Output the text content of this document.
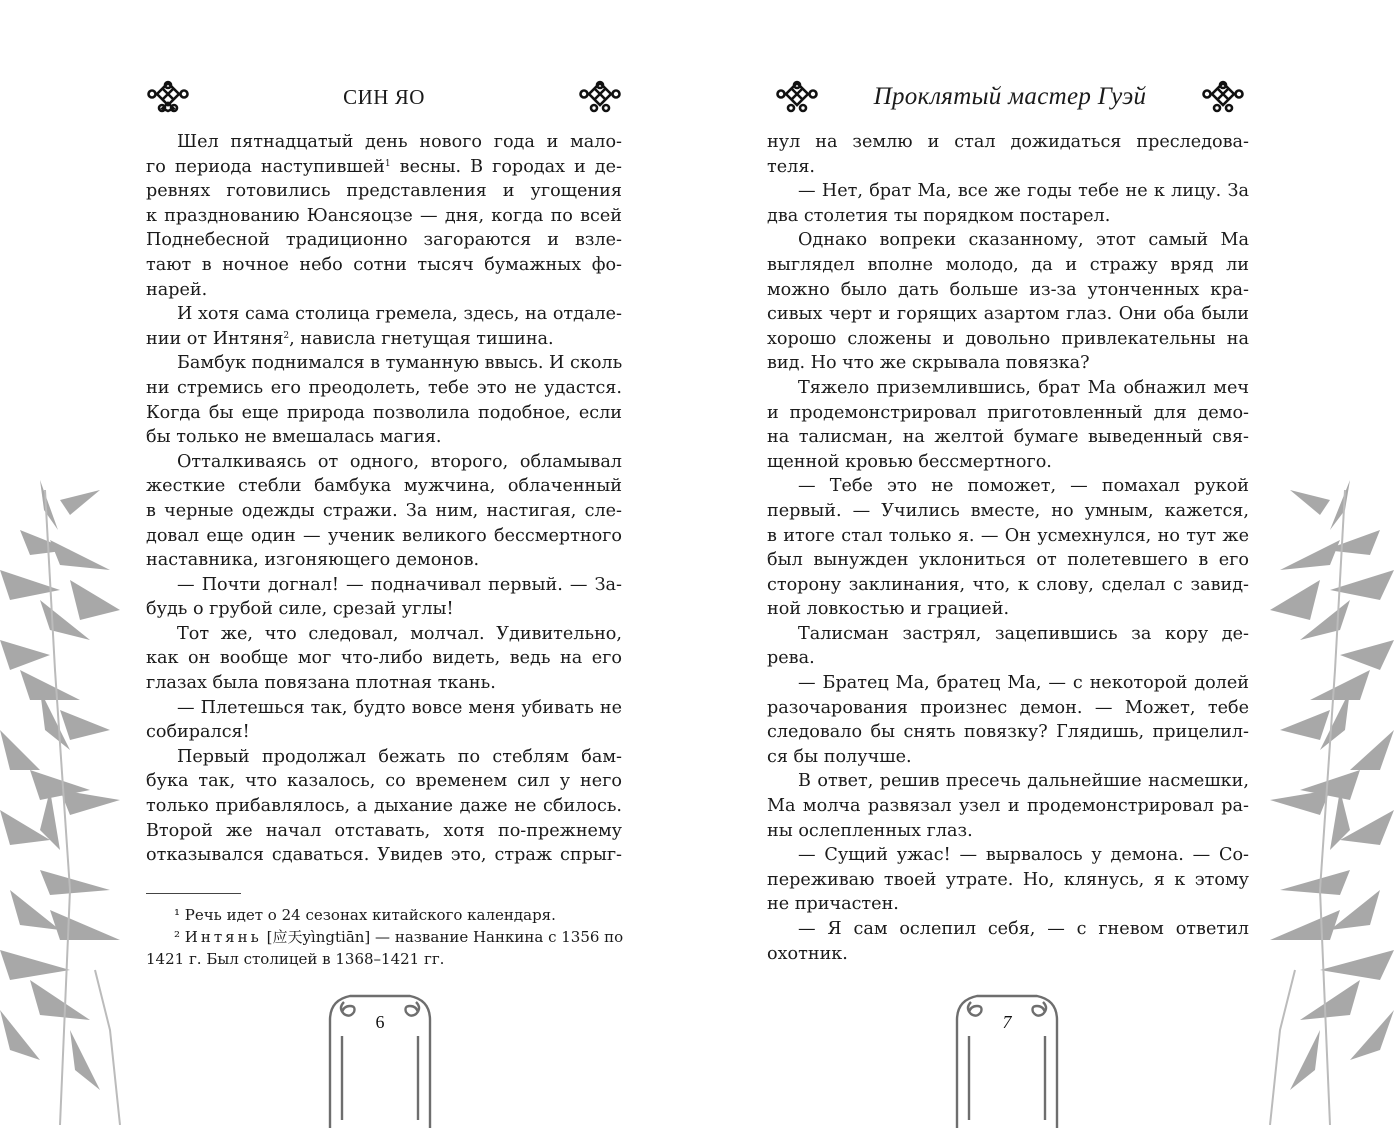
СИН ЯО
Шел пятнадцатый день нового года и мало-
го периода наступившей$^1$ весны. В городах и де-
ревнях готовились представления и угощения
к празднованию Юансяоцзе — дня, когда по всей
Поднебесной традиционно загораются и взле-
тают в ночное небо сотни тысяч бумажных фо-
нарей.
И хотя сама столица гремела, здесь, на отдале-
нии от Интяня$^2$, нависла гнетущая тишина.
Бамбук поднимался в туманную ввысь. И сколь
ни стремись его преодолеть, тебе это не удастся.
Когда бы еще природа позволила подобное, если
бы только не вмешалась магия.
Отталкиваясь от одного, второго, обламывал
жесткие стебли бамбука мужчина, облаченный
в черные одежды стражи. За ним, настигая, сле-
довал еще один — ученик великого бессмертного
наставника, изгоняющего демонов.
— Почти догнал! — подначивал первый. — За-
будь о грубой силе, срезай углы!
Тот же, что следовал, молчал. Удивительно,
как он вообще мог что-либо видеть, ведь на его
глазах была повязана плотная ткань.
— Плетешься так, будто вовсе меня убивать не
собирался!
Первый продолжал бежать по стеблям бам-
бука так, что казалось, со временем сил у него
только прибавлялось, а дыхание даже не сбилось.
Второй же начал отставать, хотя по-прежнему
отказывался сдаваться. Увидев это, страж спрыг-
¹ Речь идет о 24 сезонах китайского календаря.
² Интянь [应天yìngtiān] — название Нанкина с 1356 по
1421 г. Был столицей в 1368–1421 гг.
6
Проклятый мастер Гуэй
нул на землю и стал дожидаться преследова-
теля.
— Нет, брат Ма, все же годы тебе не к лицу. За
два столетия ты порядком постарел.
Однако вопреки сказанному, этот самый Ма
выглядел вполне молодо, да и стражу вряд ли
можно было дать больше из-за утонченных кра-
сивых черт и горящих азартом глаз. Они оба были
хорошо сложены и довольно привлекательны на
вид. Но что же скрывала повязка?
Тяжело приземлившись, брат Ма обнажил меч
и продемонстрировал приготовленный для демо-
на талисман, на желтой бумаге выведенный свя-
щенной кровью бессмертного.
— Тебе это не поможет, — помахал рукой
первый. — Учились вместе, но умным, кажется,
в итоге стал только я. — Он усмехнулся, но тут же
был вынужден уклониться от полетевшего в его
сторону заклинания, что, к слову, сделал с завид-
ной ловкостью и грацией.
Талисман застрял, зацепившись за кору де-
рева.
— Братец Ма, братец Ма, — с некоторой долей
разочарования произнес демон. — Может, тебе
следовало бы снять повязку? Глядишь, прицелил-
ся бы получше.
В ответ, решив пресечь дальнейшие насмешки,
Ма молча развязал узел и продемонстрировал ра-
ны ослепленных глаз.
— Сущий ужас! — вырвалось у демона. — Со-
переживаю твоей утрате. Но, клянусь, я к этому
не причастен.
— Я сам ослепил себя, — с гневом ответил
охотник.
7
